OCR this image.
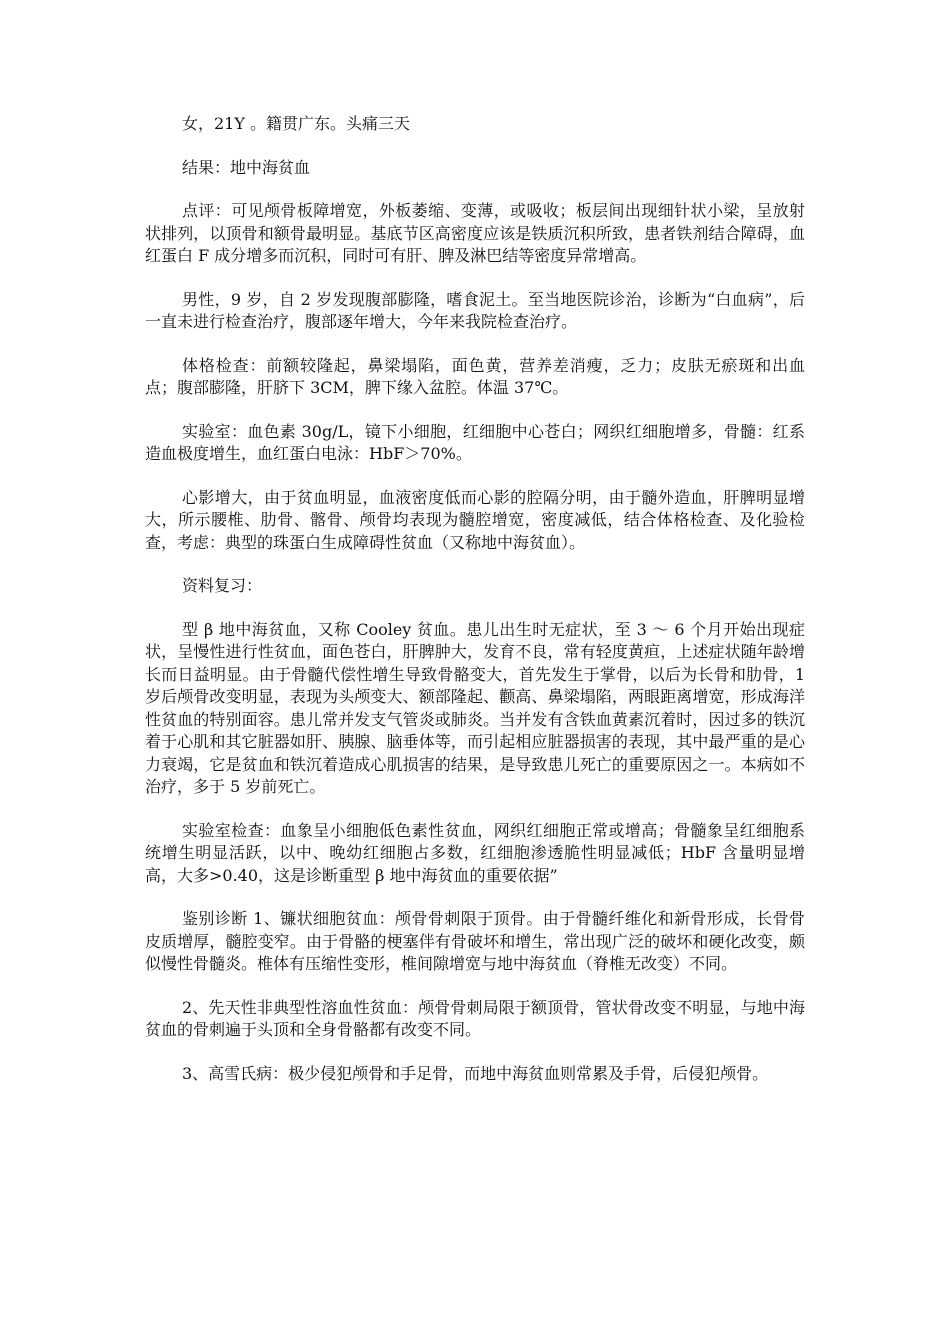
女，21Y 。籍贯广东。头痛三天

结果：地中海贫血

点评：可见颅骨板障增宽，外板萎缩、变薄，或吸收；板层间出现细针状小梁，呈放射状排列，以顶骨和额骨最明显。基底节区高密度应该是铁质沉积所致，患者铁剂结合障碍，血红蛋白 F 成分增多而沉积，同时可有肝、脾及淋巴结等密度异常增高。

男性，9 岁，自 2 岁发现腹部膨隆，嗜食泥土。至当地医院诊治，诊断为“白血病”，后一直未进行检查治疗，腹部逐年增大，今年来我院检查治疗。

体格检查：前额较隆起，鼻梁塌陷，面色黄，营养差消瘦，乏力；皮肤无瘀斑和出血点；腹部膨隆，肝脐下 3CM，脾下缘入盆腔。体温 37℃。

实验室：血色素 30g/L，镜下小细胞，红细胞中心苍白；网织红细胞增多，骨髓：红系造血极度增生，血红蛋白电泳：HbF＞70%。

心影增大，由于贫血明显，血液密度低而心影的腔隔分明，由于髓外造血，肝脾明显增大，所示腰椎、肋骨、髂骨、颅骨均表现为髓腔增宽，密度减低，结合体格检查、及化验检查，考虑：典型的珠蛋白生成障碍性贫血（又称地中海贫血）。

资料复习：

型 β 地中海贫血，又称 Cooley 贫血。患儿出生时无症状，至 3 ～ 6 个月开始出现症状，呈慢性进行性贫血，面色苍白，肝脾肿大，发育不良，常有轻度黄疸，上述症状随年龄增长而日益明显。由于骨髓代偿性增生导致骨骼变大，首先发生于掌骨，以后为长骨和肋骨，1 岁后颅骨改变明显，表现为头颅变大、额部隆起、颧高、鼻梁塌陷，两眼距离增宽，形成海洋性贫血的特别面容。患儿常并发支气管炎或肺炎。当并发有含铁血黄素沉着时，因过多的铁沉着于心肌和其它脏器如肝、胰腺、脑垂体等，而引起相应脏器损害的表现，其中最严重的是心力衰竭，它是贫血和铁沉着造成心肌损害的结果，是导致患儿死亡的重要原因之一。本病如不治疗，多于 5 岁前死亡。

实验室检查：血象呈小细胞低色素性贫血，网织红细胞正常或增高；骨髓象呈红细胞系统增生明显活跃，以中、晚幼红细胞占多数，红细胞渗透脆性明显减低；HbF 含量明显增高，大多>0.40，这是诊断重型 β 地中海贫血的重要依据”

鉴别诊断 1、镰状细胞贫血：颅骨骨刺限于顶骨。由于骨髓纤维化和新骨形成，长骨骨皮质增厚，髓腔变窄。由于骨骼的梗塞伴有骨破坏和增生，常出现广泛的破坏和硬化改变，颇似慢性骨髓炎。椎体有压缩性变形，椎间隙增宽与地中海贫血（脊椎无改变）不同。

2、先天性非典型性溶血性贫血：颅骨骨刺局限于额顶骨，管状骨改变不明显，与地中海贫血的骨刺遍于头顶和全身骨骼都有改变不同。

3、高雪氏病：极少侵犯颅骨和手足骨，而地中海贫血则常累及手骨，后侵犯颅骨。
